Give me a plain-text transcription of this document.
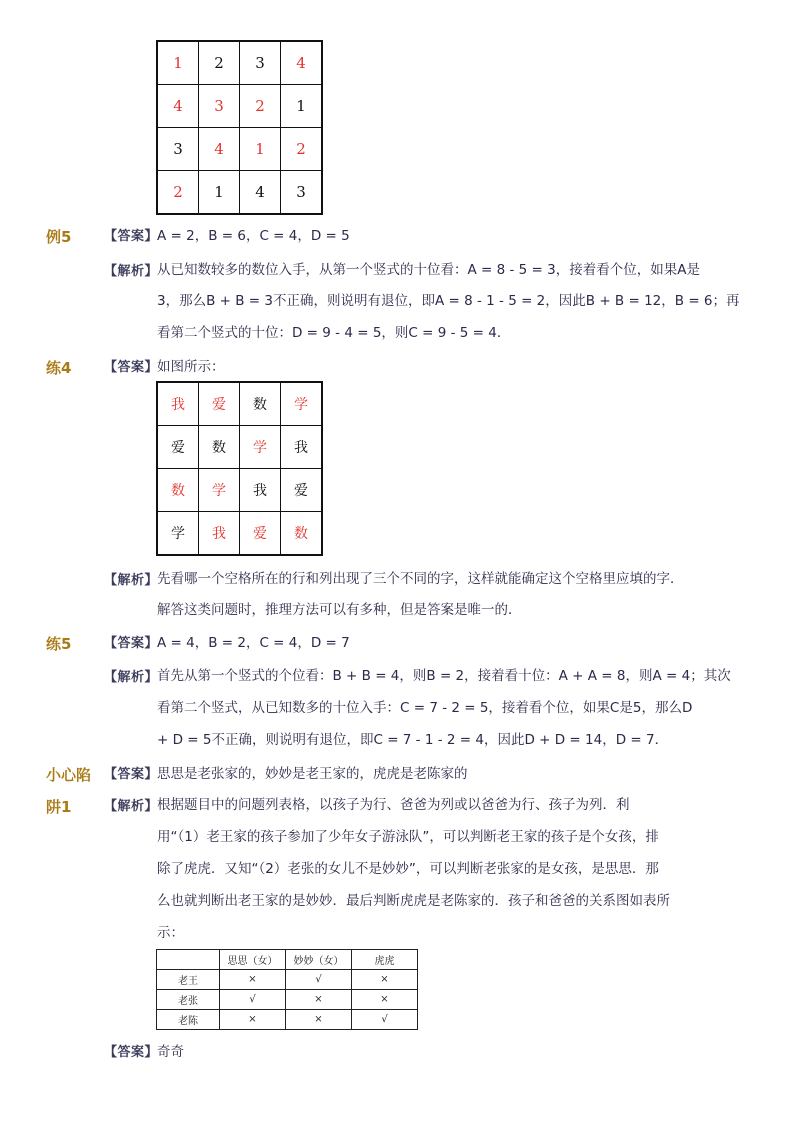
1	2	3	4
4	3	2	1
3	4	1	2
2	1	4	3
例5	【答案】
A = 2，B = 6，C = 4，D = 5
【解析】
从已知数较多的数位入手，从第一个竖式的十位看：A = 8 - 5 = 3，接着看个位，如果A是
3，那么B + B = 3不正确，则说明有退位，即A = 8 - 1 - 5 = 2，因此B + B = 12，B = 6；再
看第二个竖式的十位：D = 9 - 4 = 5，则C = 9 - 5 = 4．
练4	【答案】
如图所示：
我	爱	数	学
爱	数	学	我
数	学	我	爱
学	我	爱	数
【解析】
先看哪一个空格所在的行和列出现了三个不同的字，这样就能确定这个空格里应填的字．
解答这类问题时，推理方法可以有多种，但是答案是唯一的．
练5	【答案】
A = 4，B = 2，C = 4，D = 7
【解析】
首先从第一个竖式的个位看：B + B = 4，则B = 2，接着看十位：A + A = 8，则A = 4；其次
看第二个竖式，从已知数多的十位入手：C = 7 - 2 = 5，接着看个位，如果C是5，那么D
+ D = 5不正确，则说明有退位，即C = 7 - 1 - 2 = 4，因此D + D = 14，D = 7．
小心陷 【答案】
思思是老张家的，妙妙是老王家的，虎虎是老陈家的
阱1	【解析】
根据题目中的问题列表格，以孩子为行、爸爸为列或以爸爸为行、孩子为列．利
用“（1）老王家的孩子参加了少年女子游泳队”，可以判断老王家的孩子是个女孩，排
除了虎虎．又知“（2）老张的女儿不是妙妙”，可以判断老张家的是女孩，是思思．那
么也就判断出老王家的是妙妙．最后判断虎虎是老陈家的．孩子和爸爸的关系图如表所
示：
	思思（女）	妙妙（女）	虎虎
老王	×	√	×
老张	√	×	×
老陈	×	×	√
【答案】
奇奇
